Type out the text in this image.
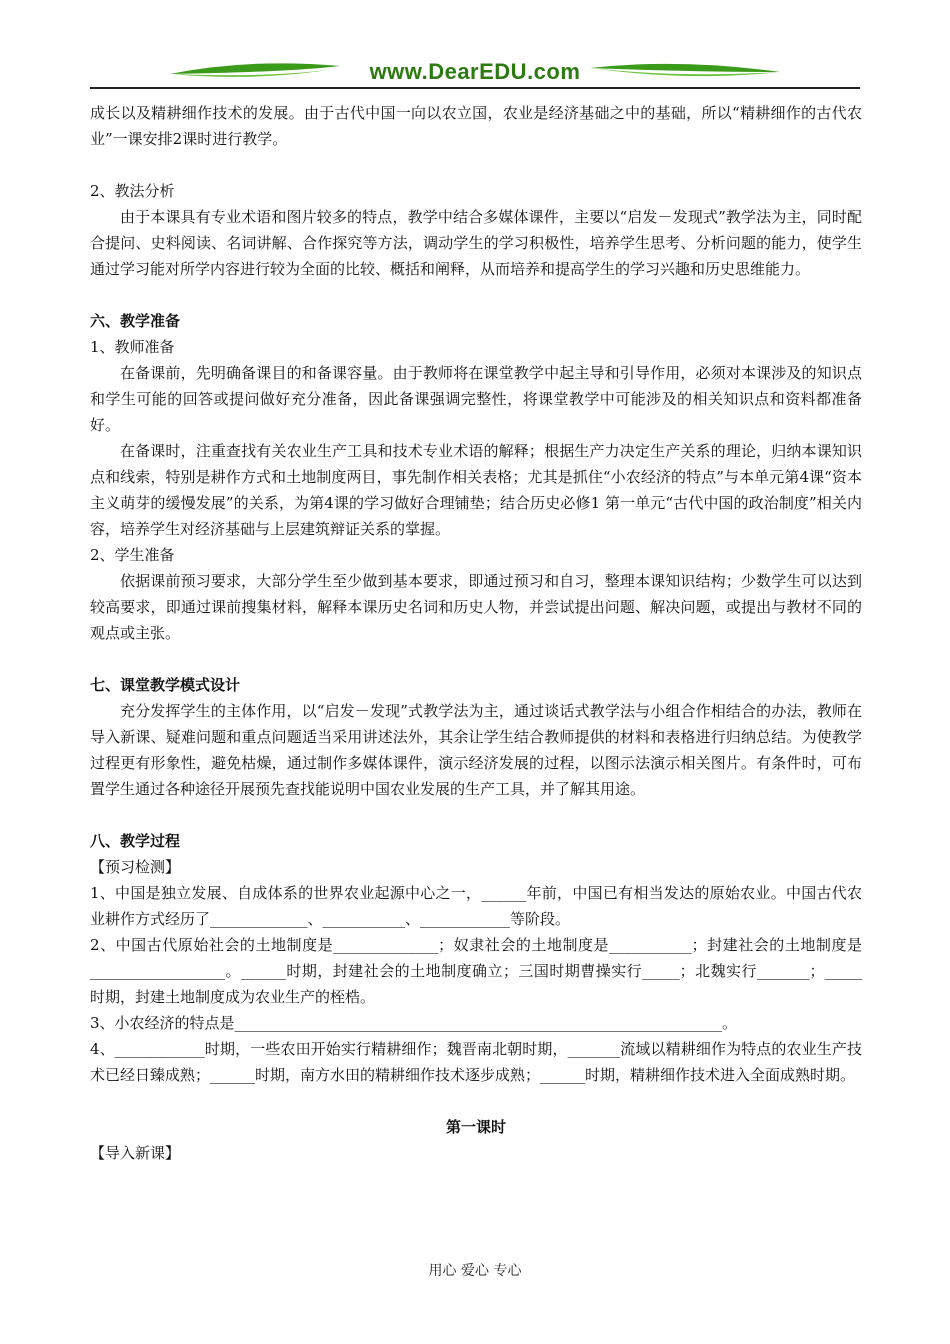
www.DearEDU.com

成长以及精耕细作技术的发展。由于古代中国一向以农立国，农业是经济基础之中的基础，所以“精耕细作的古代农业”一课安排2课时进行教学。

2、教法分析

由于本课具有专业术语和图片较多的特点，教学中结合多媒体课件，主要以“启发－发现式”教学法为主，同时配合提问、史料阅读、名词讲解、合作探究等方法，调动学生的学习积极性，培养学生思考、分析问题的能力，使学生通过学习能对所学内容进行较为全面的比较、概括和阐释，从而培养和提高学生的学习兴趣和历史思维能力。

六、教学准备

1、教师准备

在备课前，先明确备课目的和备课容量。由于教师将在课堂教学中起主导和引导作用，必须对本课涉及的知识点和学生可能的回答或提问做好充分准备，因此备课强调完整性，将课堂教学中可能涉及的相关知识点和资料都准备好。

在备课时，注重查找有关农业生产工具和技术专业术语的解释；根据生产力决定生产关系的理论，归纳本课知识点和线索，特别是耕作方式和土地制度两目，事先制作相关表格；尤其是抓住“小农经济的特点”与本单元第4课“资本主义萌芽的缓慢发展”的关系，为第4课的学习做好合理铺垫；结合历史必修1 第一单元“古代中国的政治制度”相关内容，培养学生对经济基础与上层建筑辩证关系的掌握。

2、学生准备

依据课前预习要求，大部分学生至少做到基本要求，即通过预习和自习，整理本课知识结构；少数学生可以达到较高要求，即通过课前搜集材料，解释本课历史名词和历史人物，并尝试提出问题、解决问题，或提出与教材不同的观点或主张。

七、课堂教学模式设计

充分发挥学生的主体作用，以“启发－发现”式教学法为主，通过谈话式教学法与小组合作相结合的办法，教师在导入新课、疑难问题和重点问题适当采用讲述法外，其余让学生结合教师提供的材料和表格进行归纳总结。为使教学过程更有形象性，避免枯燥，通过制作多媒体课件，演示经济发展的过程，以图示法演示相关图片。有条件时，可布置学生通过各种途径开展预先查找能说明中国农业发展的生产工具，并了解其用途。

八、教学过程

【预习检测】

1、中国是独立发展、自成体系的世界农业起源中心之一，______年前，中国已有相当发达的原始农业。中国古代农业耕作方式经历了_____________、___________、____________等阶段。

2、中国古代原始社会的土地制度是______________；奴隶社会的土地制度是___________；封建社会的土地制度是__________________。______时期，封建社会的土地制度确立；三国时期曹操实行_____；北魏实行_______；_____时期，封建土地制度成为农业生产的桎梏。

3、小农经济的特点是_________________________________________________________________。

4、____________时期，一些农田开始实行精耕细作；魏晋南北朝时期，_______流域以精耕细作为特点的农业生产技术已经日臻成熟；______时期，南方水田的精耕细作技术逐步成熟；______时期，精耕细作技术进入全面成熟时期。

第一课时

【导入新课】

用心 爱心 专心
